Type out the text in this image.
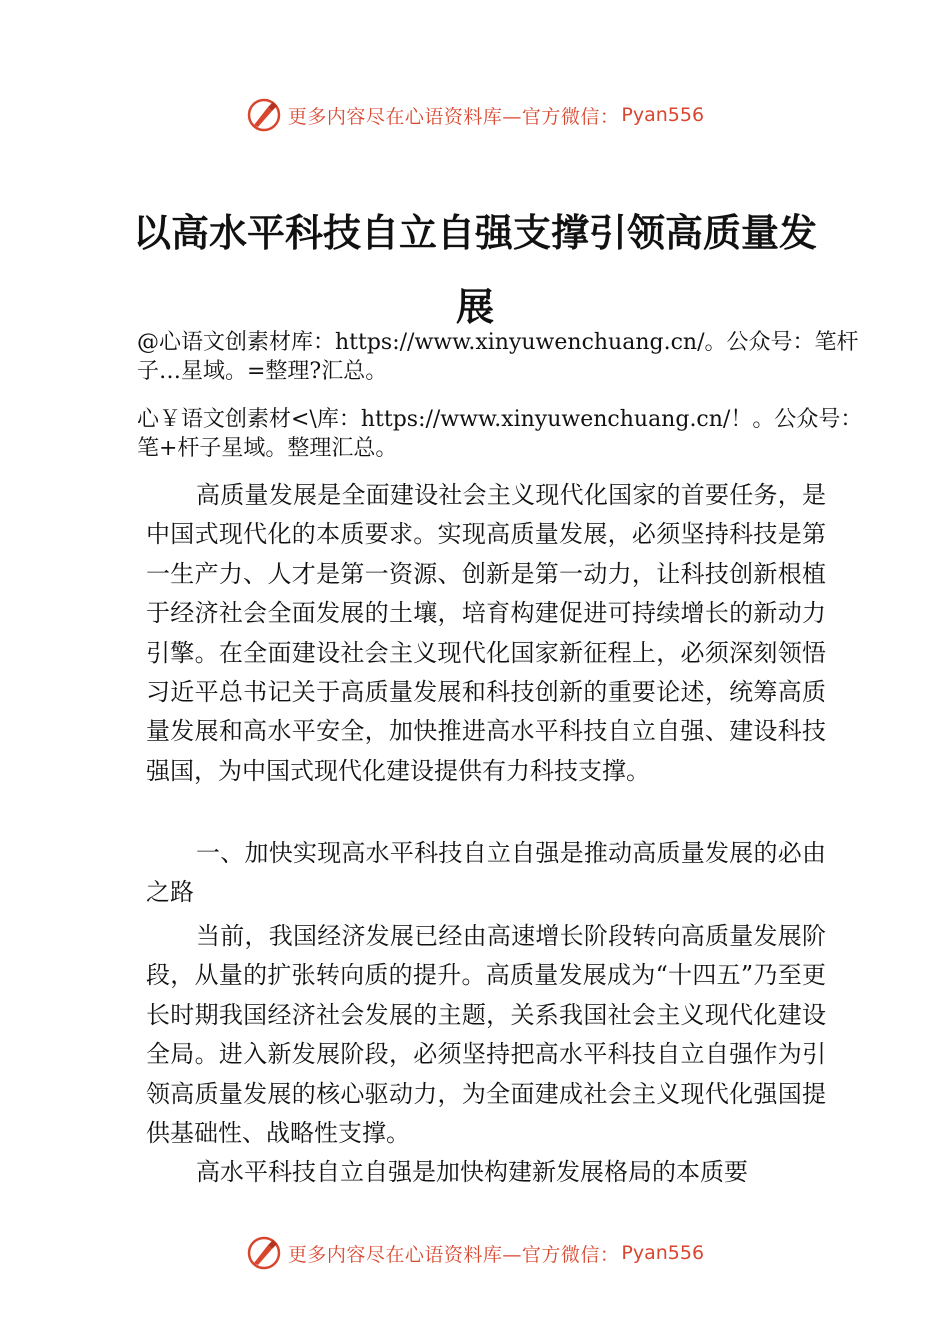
更多内容尽在心语资料库—官方微信： Pyan556
以高水平科技自立自强支撑引领高质量发
展
@心语文创素材库：https://www.xinyuwenchuang.cn/。公众号：笔杆子…星域。=整理?汇总。
心￥语文创素材<\库：https://www.xinyuwenchuang.cn/！。公众号：笔+杆子星域。整理汇总。
高质量发展是全面建设社会主义现代化国家的首要任务，是中国式现代化的本质要求。实现高质量发展，必须坚持科技是第一生产力、人才是第一资源、创新是第一动力，让科技创新根植于经济社会全面发展的土壤，培育构建促进可持续增长的新动力引擎。在全面建设社会主义现代化国家新征程上，必须深刻领悟习近平总书记关于高质量发展和科技创新的重要论述，统筹高质量发展和高水平安全，加快推进高水平科技自立自强、建设科技强国，为中国式现代化建设提供有力科技支撑。
一、加快实现高水平科技自立自强是推动高质量发展的必由之路
当前，我国经济发展已经由高速增长阶段转向高质量发展阶段，从量的扩张转向质的提升。高质量发展成为“十四五”乃至更长时期我国经济社会发展的主题，关系我国社会主义现代化建设全局。进入新发展阶段，必须坚持把高水平科技自立自强作为引领高质量发展的核心驱动力，为全面建成社会主义现代化强国提供基础性、战略性支撑。
高水平科技自立自强是加快构建新发展格局的本质要
更多内容尽在心语资料库—官方微信： Pyan556
